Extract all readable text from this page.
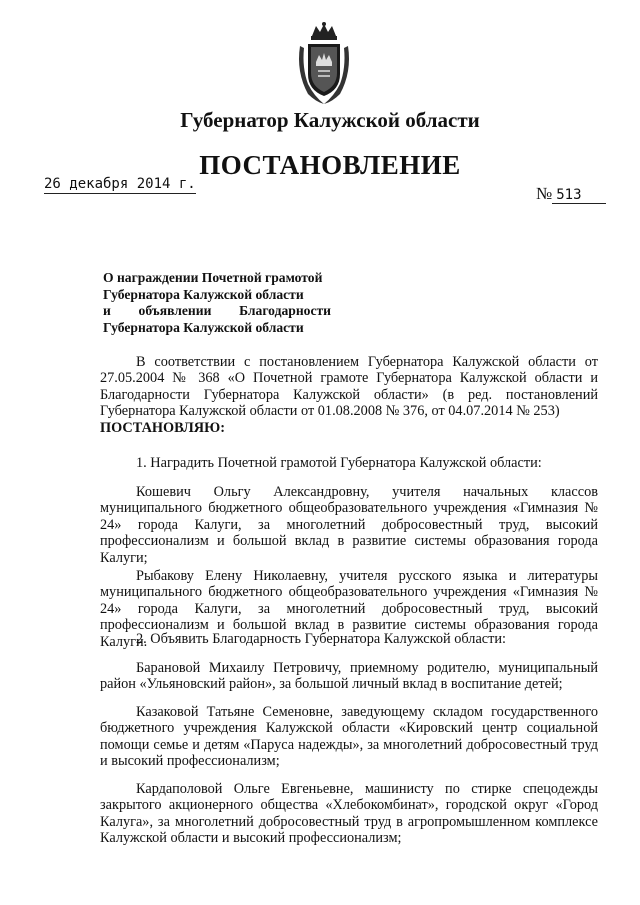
Губернатор Калужской области
ПОСТАНОВЛЕНИЕ
26 декабря 2014 г.	№ 513
О награждении Почетной грамотой
Губернатора Калужской области
и объявлении Благодарности
Губернатора Калужской области

В соответствии с постановлением Губернатора Калужской области от 27.05.2004 № 368 «О Почетной грамоте Губернатора Калужской области и Благодарности Губернатора Калужской области» (в ред. постановлений Губернатора Калужской области от 01.08.2008 № 376, от 04.07.2014 № 253)
ПОСТАНОВЛЯЮ:

1. Наградить Почетной грамотой Губернатора Калужской области:

Кошевич Ольгу Александровну, учителя начальных классов муниципального бюджетного общеобразовательного учреждения «Гимназия № 24» города Калуги, за многолетний добросовестный труд, высокий профессионализм и большой вклад в развитие системы образования города Калуги;

Рыбакову Елену Николаевну, учителя русского языка и литературы муниципального бюджетного общеобразовательного учреждения «Гимназия № 24» города Калуги, за многолетний добросовестный труд, высокий профессионализм и большой вклад в развитие системы образования города Калуги.

2. Объявить Благодарность Губернатора Калужской области:

Барановой Михаилу Петровичу, приемному родителю, муниципальный район «Ульяновский район», за большой личный вклад в воспитание детей;

Казаковой Татьяне Семеновне, заведующему складом государственного бюджетного учреждения Калужской области «Кировский центр социальной помощи семье и детям «Паруса надежды», за многолетний добросовестный труд и высокий профессионализм;

Кардаполовой Ольге Евгеньевне, машинисту по стирке спецодежды закрытого акционерного общества «Хлебокомбинат», городской округ «Город Калуга», за многолетний добросовестный труд в агропромышленном комплексе Калужской области и высокий профессионализм;
